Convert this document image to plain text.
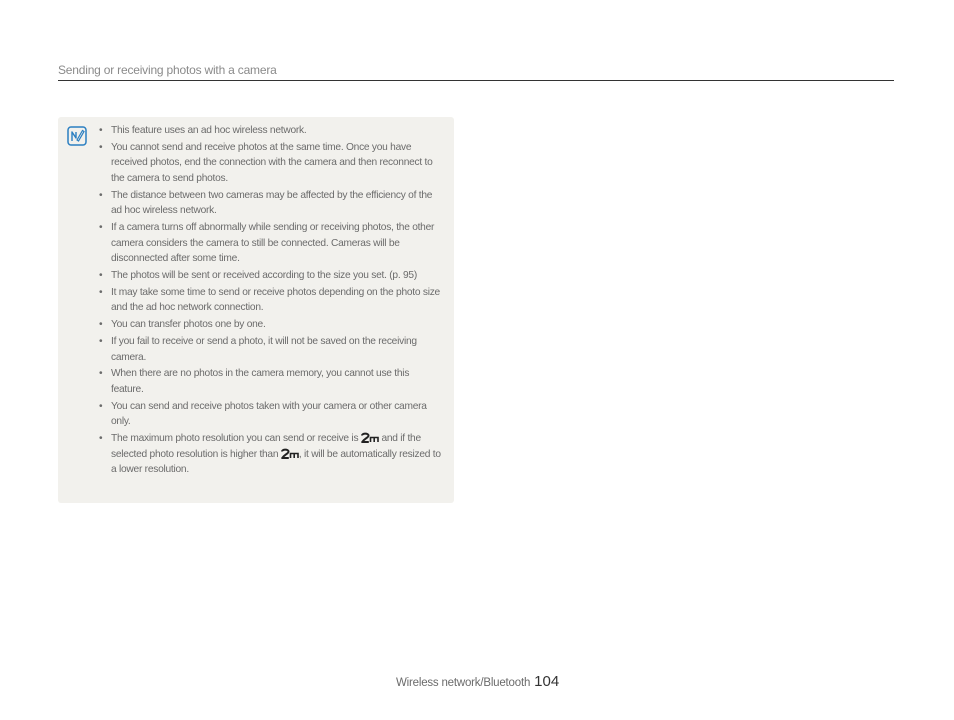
Sending or receiving photos with a camera
• This feature uses an ad hoc wireless network.
• You cannot send and receive photos at the same time. Once you have received photos, end the connection with the camera and then reconnect to the camera to send photos.
• The distance between two cameras may be affected by the efficiency of the ad hoc wireless network.
• If a camera turns off abnormally while sending or receiving photos, the other camera considers the camera to still be connected. Cameras will be disconnected after some time.
• The photos will be sent or received according to the size you set. (p. 95)
• It may take some time to send or receive photos depending on the photo size and the ad hoc network connection.
• You can transfer photos one by one.
• If you fail to receive or send a photo, it will not be saved on the receiving camera.
• When there are no photos in the camera memory, you cannot use this feature.
• You can send and receive photos taken with your camera or other camera only.
• The maximum photo resolution you can send or receive is  and if the selected photo resolution is higher than , it will be automatically resized to a lower resolution.
Wireless network/Bluetooth 104
